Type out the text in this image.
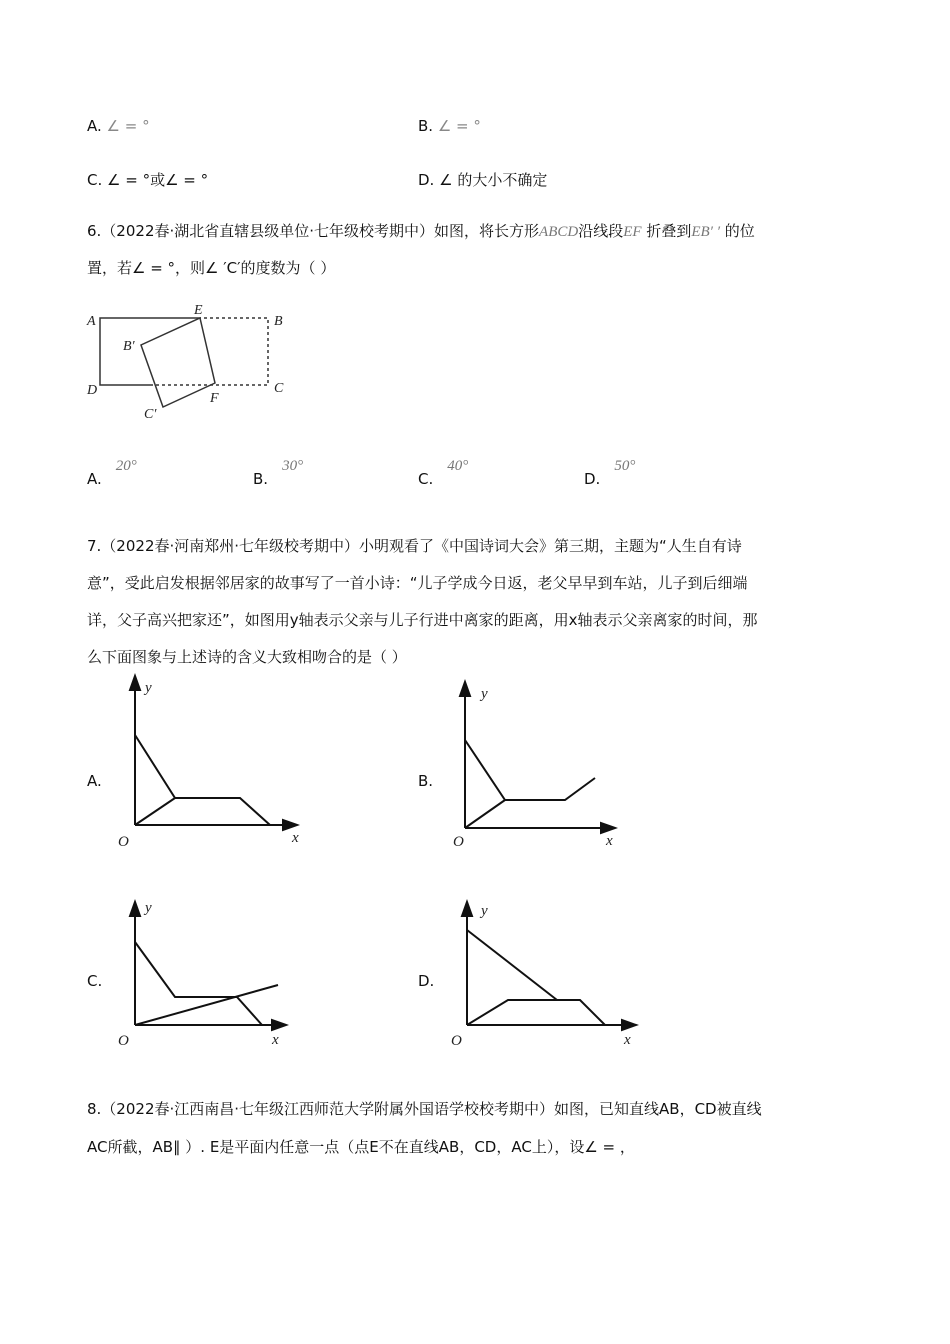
A. ∠ = °	B. ∠ = °
C. ∠ = °或∠ = °	D. ∠ 的大小不确定
6.（2022春·湖北省直辖县级单位·七年级校考期中）如图，将长方形ABCD沿线段EF 折叠到EB′ ′ 的位
置，若∠ = °，则∠ ′C′的度数为（ ）
A
E
B
B′
D	C
F
C′
y
x
O
y
x
O
y
x
O
y
x
O
A.20°
B.30°
C.40°
D.50°
7.（2022春·河南郑州·七年级校考期中）小明观看了《中国诗词大会》第三期，主题为“人生自有诗
意”，受此启发根据邻居家的故事写了一首小诗：“儿子学成今日返，老父早早到车站，儿子到后细端
详，父子高兴把家还”，如图用y轴表示父亲与儿子行进中离家的距离，用x轴表示父亲离家的时间，那
么下面图象与上述诗的含义大致相吻合的是（ ）
A.	B.
C.	D.
8.（2022春·江西南昌·七年级江西师范大学附属外国语学校校考期中）如图，已知直线AB，CD被直线
AC所截，AB∥ ）. E是平面内任意一点（点E不在直线AB，CD，AC上），设∠ = ，
